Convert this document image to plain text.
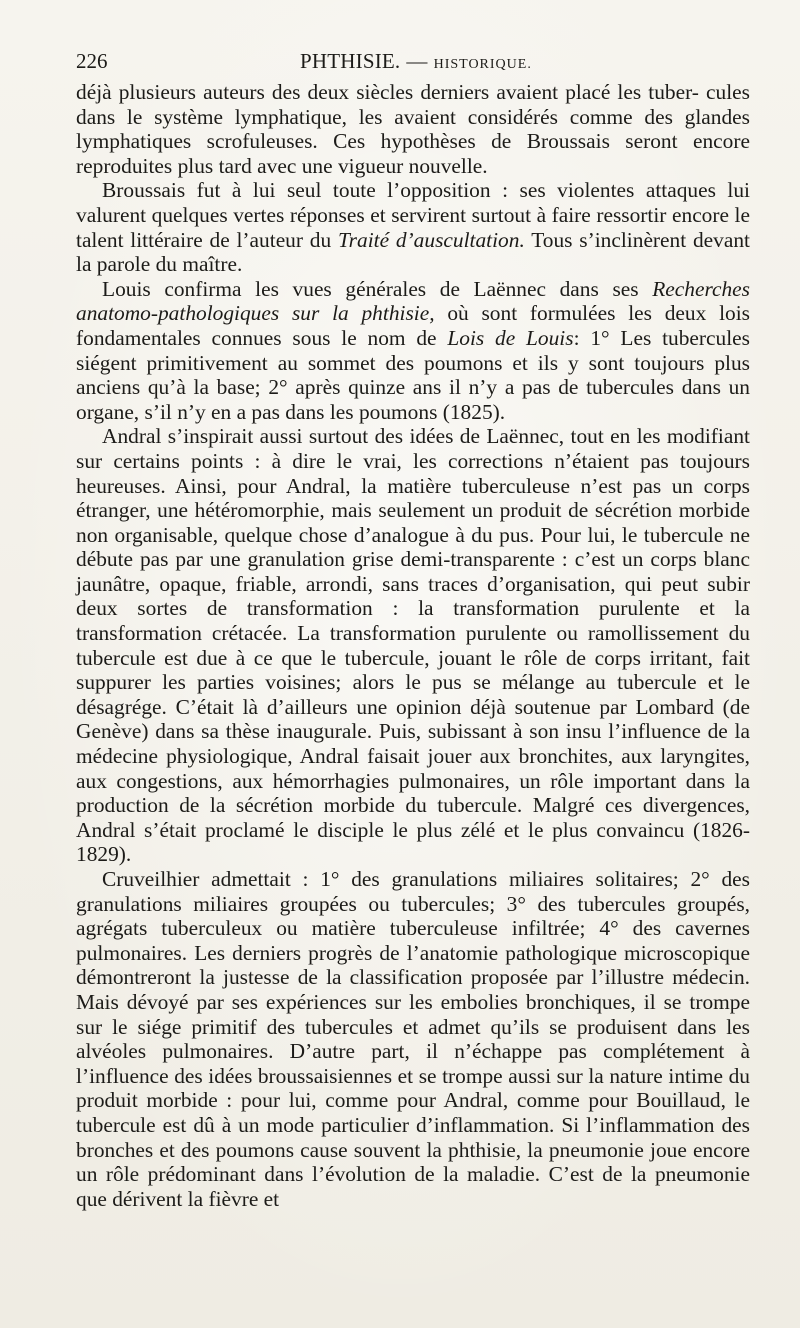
226	PHTHISIE. — HISTORIQUE.

déjà plusieurs auteurs des deux siècles derniers avaient placé les tuber- cules dans le système lymphatique, les avaient considérés comme des glandes lymphatiques scrofuleuses. Ces hypothèses de Broussais seront encore reproduites plus tard avec une vigueur nouvelle.

Broussais fut à lui seul toute l’opposition : ses violentes attaques lui valurent quelques vertes réponses et servirent surtout à faire ressortir encore le talent littéraire de l’auteur du Traité d’auscultation. Tous s’inclinèrent devant la parole du maître.

Louis confirma les vues générales de Laënnec dans ses Recherches anatomo-pathologiques sur la phthisie, où sont formulées les deux lois fondamentales connues sous le nom de Lois de Louis: 1° Les tubercules siégent primitivement au sommet des poumons et ils y sont toujours plus anciens qu’à la base; 2° après quinze ans il n’y a pas de tubercules dans un organe, s’il n’y en a pas dans les poumons (1825).

Andral s’inspirait aussi surtout des idées de Laënnec, tout en les modifiant sur certains points : à dire le vrai, les corrections n’étaient pas toujours heureuses. Ainsi, pour Andral, la matière tuberculeuse n’est pas un corps étranger, une hétéromorphie, mais seulement un produit de sécrétion morbide non organisable, quelque chose d’analogue à du pus. Pour lui, le tubercule ne débute pas par une granulation grise demi-transparente : c’est un corps blanc jaunâtre, opaque, friable, arrondi, sans traces d’organisation, qui peut subir deux sortes de transformation : la transformation purulente et la transformation crétacée. La transformation purulente ou ramollissement du tubercule est due à ce que le tubercule, jouant le rôle de corps irritant, fait suppurer les parties voisines; alors le pus se mélange au tubercule et le désagrége. C’était là d’ailleurs une opinion déjà soutenue par Lombard (de Genève) dans sa thèse inaugurale. Puis, subissant à son insu l’influence de la médecine physiologique, Andral faisait jouer aux bronchites, aux laryngites, aux congestions, aux hémorrhagies pulmonaires, un rôle important dans la production de la sécrétion morbide du tubercule. Malgré ces divergences, Andral s’était proclamé le disciple le plus zélé et le plus convaincu (1826-1829).

Cruveilhier admettait : 1° des granulations miliaires solitaires; 2° des granulations miliaires groupées ou tubercules; 3° des tubercules groupés, agrégats tuberculeux ou matière tuberculeuse infiltrée; 4° des cavernes pulmonaires. Les derniers progrès de l’anatomie pathologique microscopique démontreront la justesse de la classification proposée par l’illustre médecin. Mais dévoyé par ses expériences sur les embolies bronchiques, il se trompe sur le siége primitif des tubercules et admet qu’ils se produisent dans les alvéoles pulmonaires. D’autre part, il n’échappe pas complétement à l’influence des idées broussaisiennes et se trompe aussi sur la nature intime du produit morbide : pour lui, comme pour Andral, comme pour Bouillaud, le tubercule est dû à un mode particulier d’inflammation. Si l’inflammation des bronches et des poumons cause souvent la phthisie, la pneumonie joue encore un rôle prédominant dans l’évolution de la maladie. C’est de la pneumonie que dérivent la fièvre et
